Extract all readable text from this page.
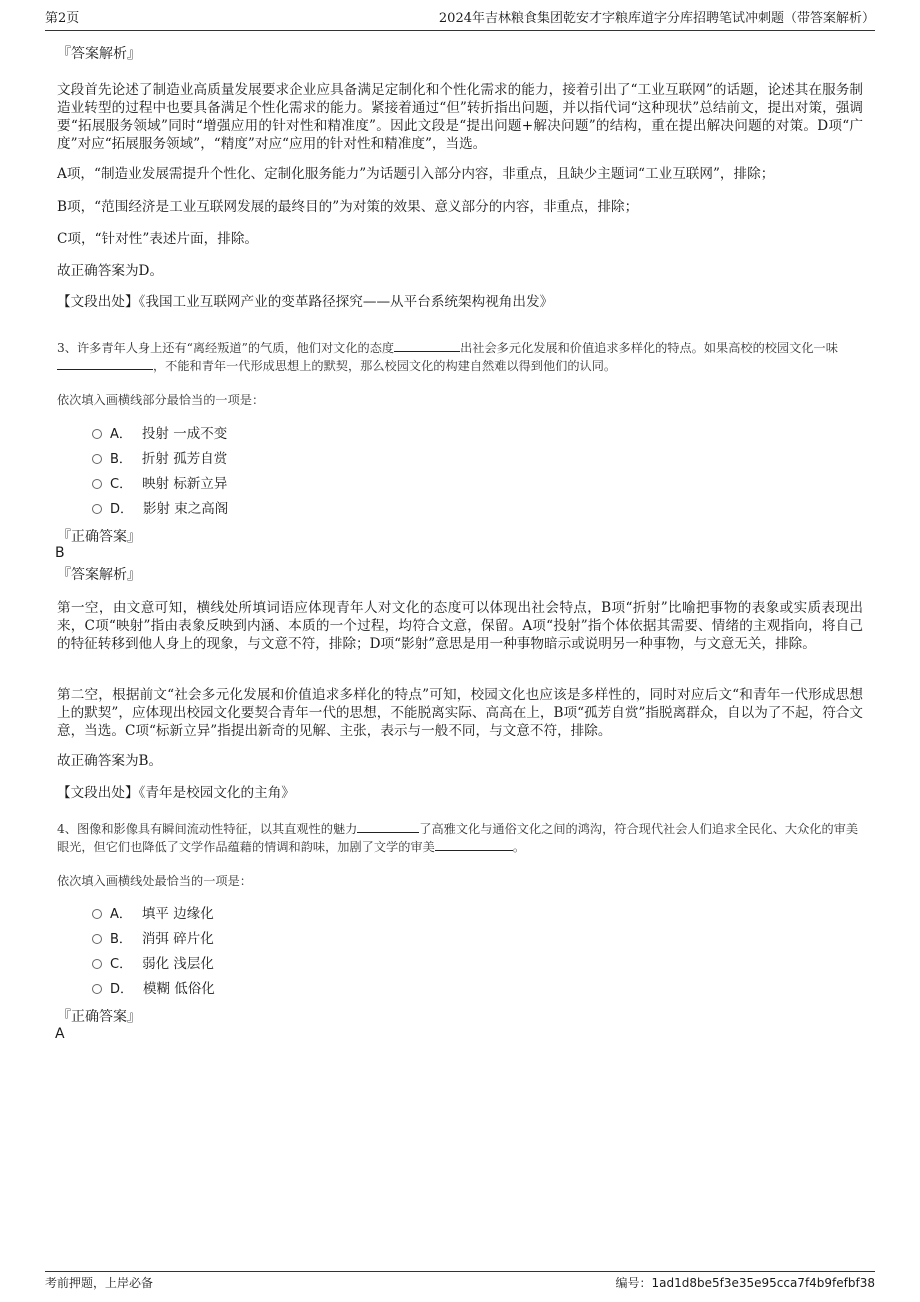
第2页	2024年吉林粮食集团乾安才字粮库道字分库招聘笔试冲刺题（带答案解析）
『答案解析』
文段首先论述了制造业高质量发展要求企业应具备满足定制化和个性化需求的能力，接着引出了“工业互联网”的话题，论述其在服务制造业转型的过程中也要具备满足个性化需求的能力。紧接着通过“但”转折指出问题，并以指代词“这种现状”总结前文，提出对策，强调要“拓展服务领域”同时“增强应用的针对性和精准度”。因此文段是“提出问题+解决问题”的结构，重在提出解决问题的对策。D项“广度”对应“拓展服务领域”，“精度”对应“应用的针对性和精准度”，当选。
A项，“制造业发展需提升个性化、定制化服务能力”为话题引入部分内容，非重点，且缺少主题词“工业互联网”，排除；
B项，“范围经济是工业互联网发展的最终目的”为对策的效果、意义部分的内容，非重点，排除；
C项，“针对性”表述片面，排除。
故正确答案为D。
【文段出处】《我国工业互联网产业的变革路径探究——从平台系统架构视角出发》
3、许多青年人身上还有“离经叛道”的气质，他们对文化的态度	出社会多元化发展和价值追求多样化的特点。如果高校的校园文化一味，不能和青年一代形成思想上的默契，那么校园文化的构建自然难以得到他们的认同。
依次填入画横线部分最恰当的一项是：
A． 投射 一成不变
B． 折射 孤芳自赏
C． 映射 标新立异
D． 影射 束之高阁
『正确答案』
B
『答案解析』
第一空，由文意可知，横线处所填词语应体现青年人对文化的态度可以体现出社会特点，B项“折射”比喻把事物的表象或实质表现出来，C项“映射”指由表象反映到内涵、本质的一个过程，均符合文意，保留。A项“投射”指个体依据其需要、情绪的主观指向，将自己的特征转移到他人身上的现象，与文意不符，排除；D项“影射”意思是用一种事物暗示或说明另一种事物，与文意无关，排除。
第二空，根据前文“社会多元化发展和价值追求多样化的特点”可知，校园文化也应该是多样性的，同时对应后文“和青年一代形成思想上的默契”，应体现出校园文化要契合青年一代的思想，不能脱离实际、高高在上，B项“孤芳自赏”指脱离群众，自以为了不起，符合文意，当选。C项“标新立异”指提出新奇的见解、主张，表示与一般不同，与文意不符，排除。
故正确答案为B。
【文段出处】《青年是校园文化的主角》
4、图像和影像具有瞬间流动性特征，以其直观性的魅力	了高雅文化与通俗文化之间的鸿沟，符合现代社会人们追求全民化、大众化的审美眼光，但它们也降低了文学作品蕴藉的情调和韵味，加剧了文学的审美	。
依次填入画横线处最恰当的一项是：
A． 填平 边缘化
B． 消弭 碎片化
C． 弱化 浅层化
D． 模糊 低俗化
『正确答案』
A
考前押题，上岸必备	编号：1ad1d8be5f3e35e95cca7f4b9fefbf38
